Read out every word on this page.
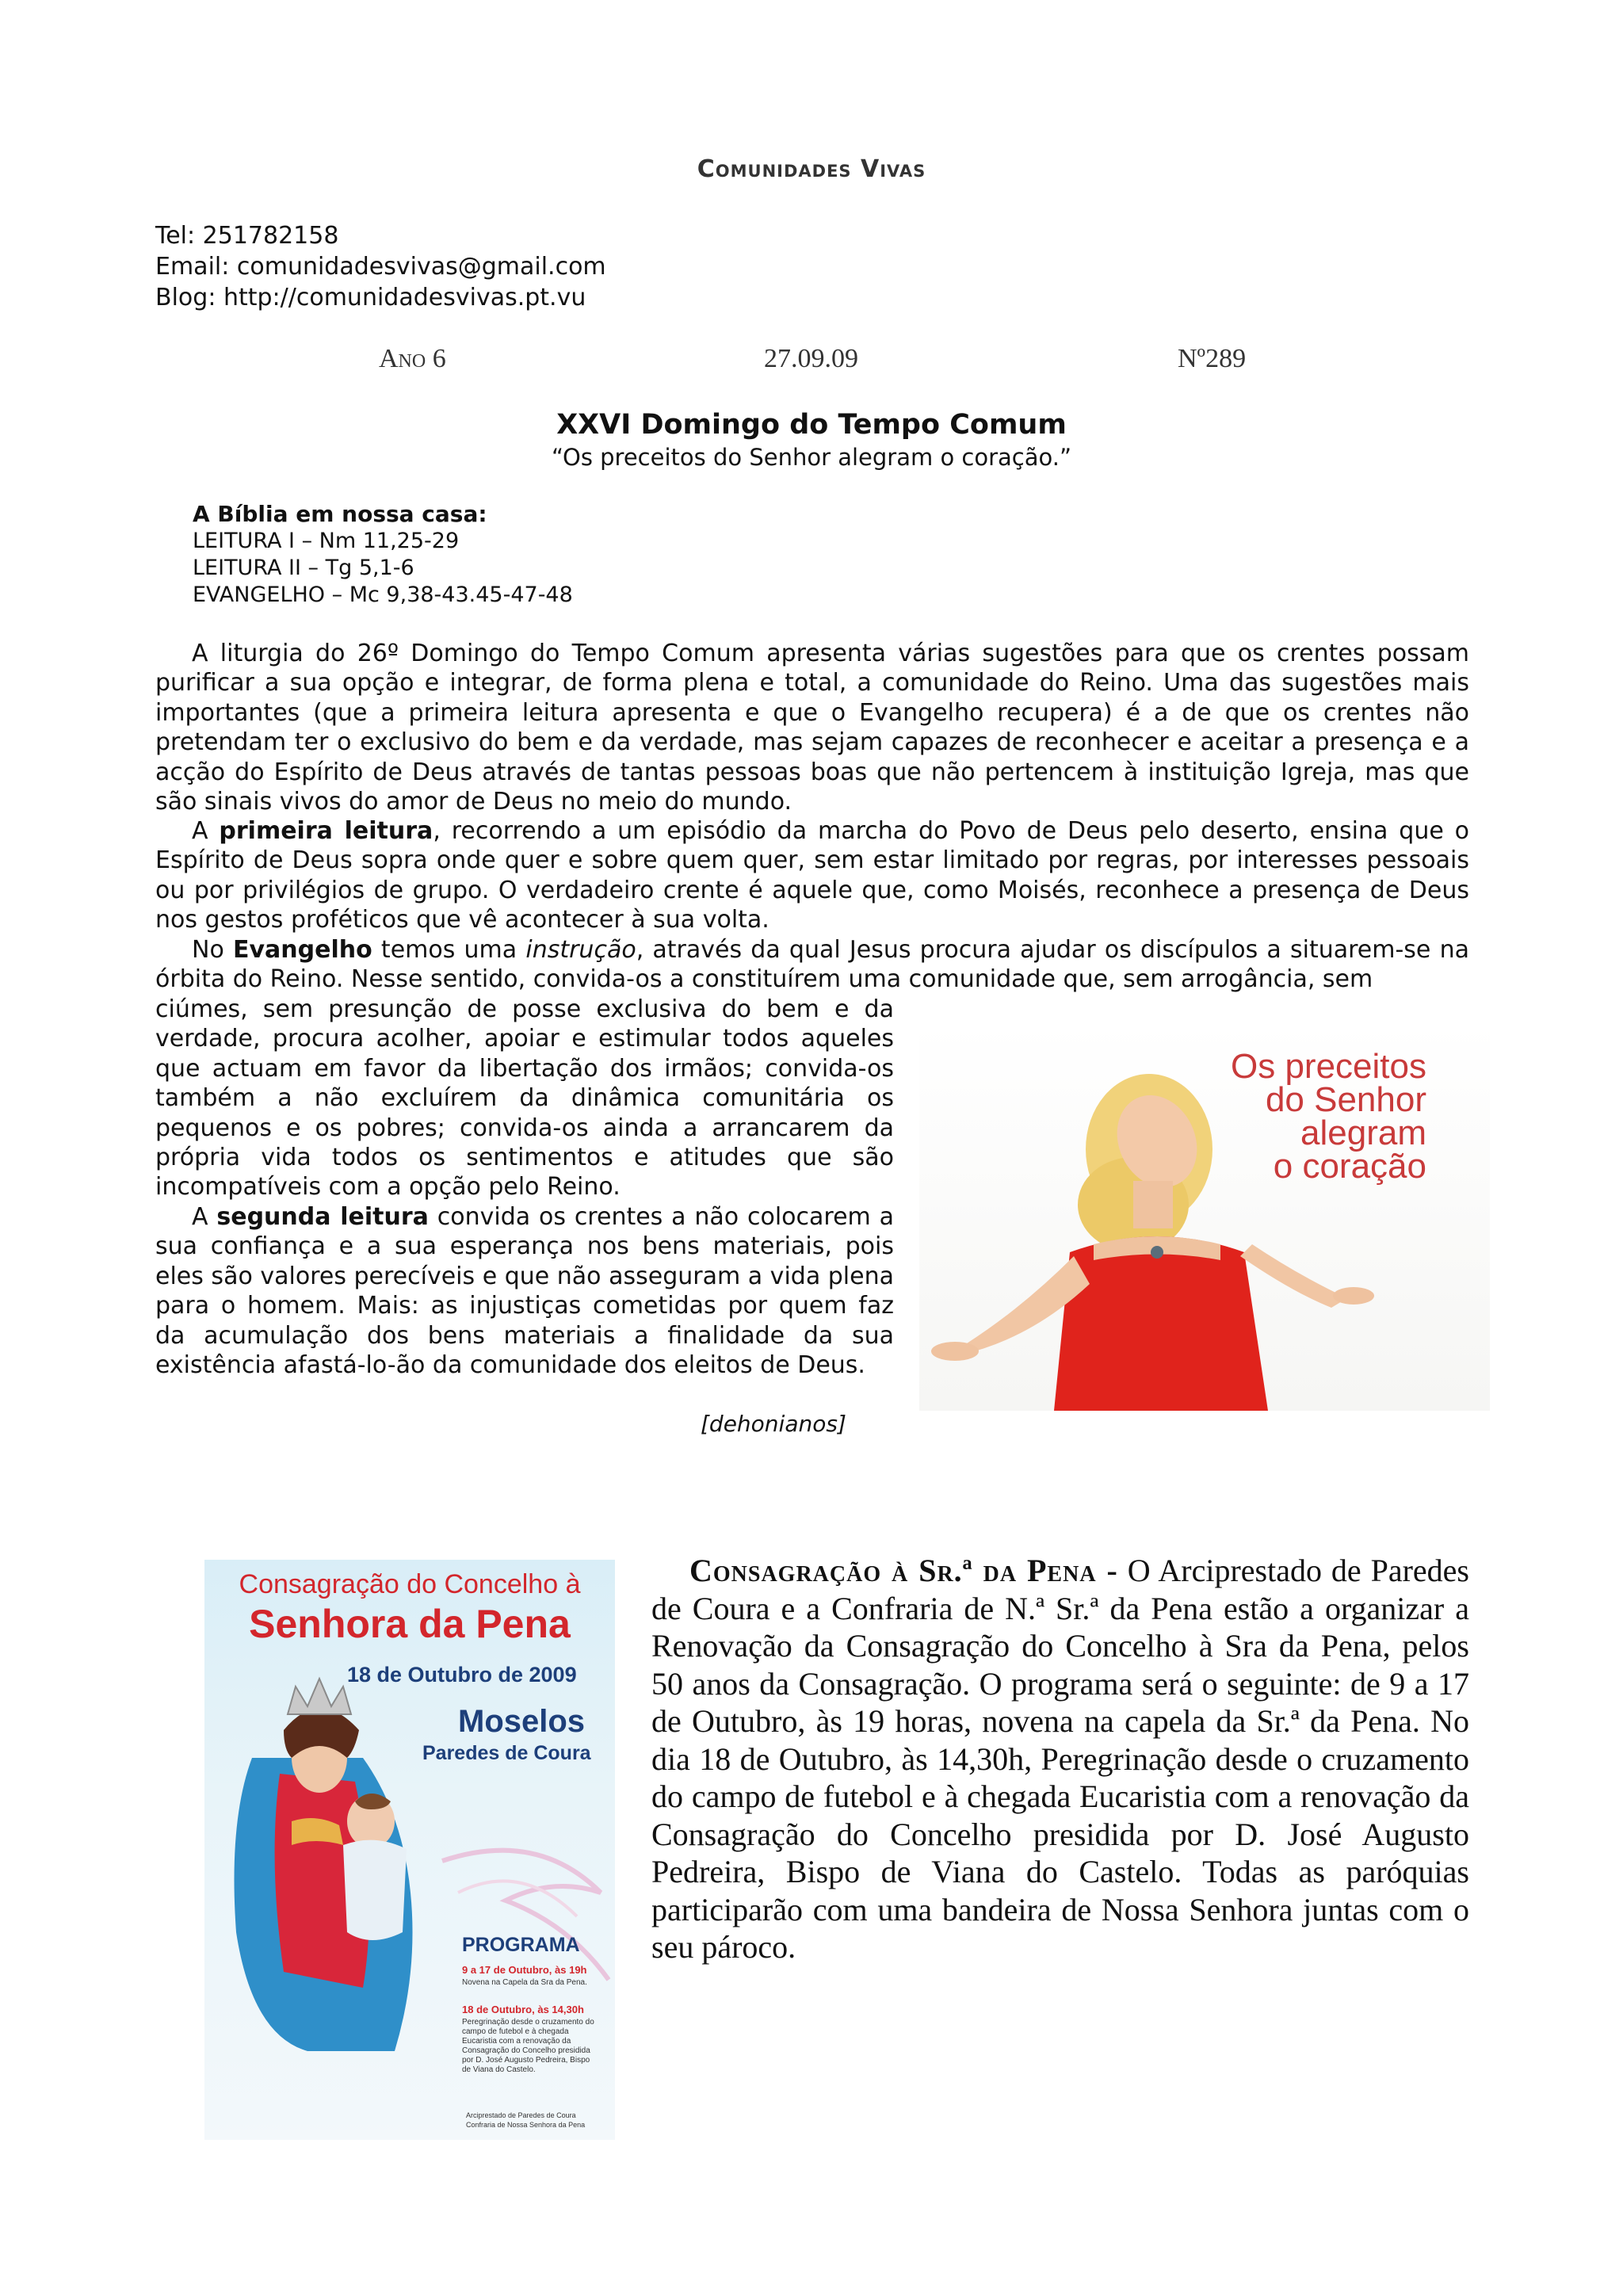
Comunidades Vivas
Tel: 251782158
Email: comunidadesvivas@gmail.com
Blog: http://comunidadesvivas.pt.vu
Ano 6	27.09.09	Nº289
XXVI Domingo do Tempo Comum
“Os preceitos do Senhor alegram o coração.”
A Bíblia em nossa casa:
LEITURA I – Nm 11,25-29
LEITURA II – Tg 5,1-6
EVANGELHO – Mc 9,38-43.45-47-48

A liturgia do 26º Domingo do Tempo Comum apresenta várias sugestões para que os crentes possam purificar a sua opção e integrar, de forma plena e total, a comunidade do Reino. Uma das sugestões mais importantes (que a primeira leitura apresenta e que o Evangelho recupera) é a de que os crentes não pretendam ter o exclusivo do bem e da verdade, mas sejam capazes de reconhecer e aceitar a presença e a acção do Espírito de Deus através de tantas pessoas boas que não pertencem à instituição Igreja, mas que são sinais vivos do amor de Deus no meio do mundo.

A primeira leitura, recorrendo a um episódio da marcha do Povo de Deus pelo deserto, ensina que o Espírito de Deus sopra onde quer e sobre quem quer, sem estar limitado por regras, por interesses pessoais ou por privilégios de grupo. O verdadeiro crente é aquele que, como Moisés, reconhece a presença de Deus nos gestos proféticos que vê acontecer à sua volta.

No Evangelho temos uma instrução, através da qual Jesus procura ajudar os discípulos a situarem-se na órbita do Reino. Nesse sentido, convida-os a constituírem uma comunidade que, sem arrogância, sem

ciúmes, sem presunção de posse exclusiva do bem e da verdade, procura acolher, apoiar e estimular todos aqueles que actuam em favor da libertação dos irmãos; convida-os também a não excluírem da dinâmica comunitária os pequenos e os pobres; convida-os ainda a arrancarem da própria vida todos os sentimentos e atitudes que são incompatíveis com a opção pelo Reino.

A segunda leitura convida os crentes a não colocarem a sua confiança e a sua esperança nos bens materiais, pois eles são valores perecíveis e que não asseguram a vida plena para o homem. Mais: as injustiças cometidas por quem faz da acumulação dos bens materiais a finalidade da sua existência afastá-lo-ão da comunidade dos eleitos de Deus.

[dehonianos]
Os preceitos
do Senhor
alegram
o coração
Consagração do Concelho à
Senhora da Pena
18 de Outubro de 2009
Moselos
Paredes de Coura
PROGRAMA
9 a 17 de Outubro, às 19h
Novena na Capela da Sra da Pena.
18 de Outubro, às 14,30h
Peregrinação desde o cruzamento do campo de futebol e à chegada Eucaristia com a renovação da Consagração do Concelho presidida por D. José Augusto Pedreira, Bispo de Viana do Castelo.
Arciprestado de Paredes de Coura
Confraria de Nossa Senhora da Pena

Consagração à Sr.ª da Pena - O Arciprestado de Paredes de Coura e a Confraria de N.ª Sr.ª da Pena estão a organizar a Renovação da Consagração do Concelho à Sra da Pena, pelos 50 anos da Consagração. O programa será o seguinte: de 9 a 17 de Outubro, às 19 horas, novena na capela da Sr.ª da Pena. No dia 18 de Outubro, às 14,30h, Peregrinação desde o cruzamento do campo de futebol e à chegada Eucaristia com a renovação da Consagração do Concelho presidida por D. José Augusto Pedreira, Bispo de Viana do Castelo. Todas as paróquias participarão com uma bandeira de Nossa Senhora juntas com o seu pároco.
